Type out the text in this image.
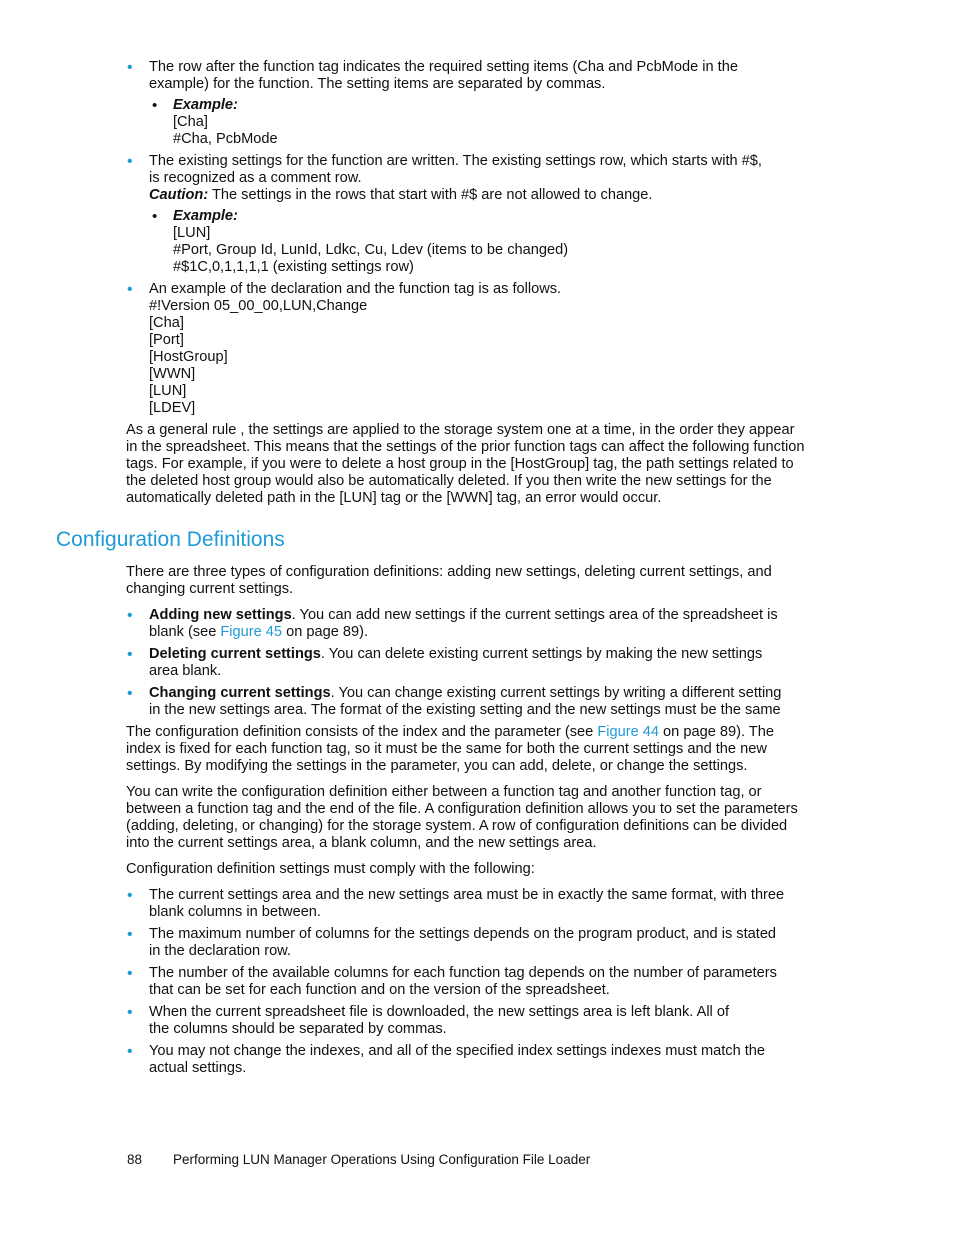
• The row after the function tag indicates the required setting items (Cha and PcbMode in the
example) for the function. The setting items are separated by commas.
• Example:
[Cha]
#Cha, PcbMode
• The existing settings for the function are written. The existing settings row, which starts with #$,
is recognized as a comment row.
Caution: The settings in the rows that start with #$ are not allowed to change.
• Example:
[LUN]
#Port, Group Id, LunId, Ldkc, Cu, Ldev (items to be changed)
#$1C,0,1,1,1,1 (existing settings row)
• An example of the declaration and the function tag is as follows.
#!Version 05_00_00,LUN,Change
[Cha]
[Port]
[HostGroup]
[WWN]
[LUN]
[LDEV]

As a general rule , the settings are applied to the storage system one at a time, in the order they appear
in the spreadsheet. This means that the settings of the prior function tags can affect the following function
tags. For example, if you were to delete a host group in the [HostGroup] tag, the path settings related to
the deleted host group would also be automatically deleted. If you then write the new settings for the
automatically deleted path in the [LUN] tag or the [WWN] tag, an error would occur.

Configuration Definitions

There are three types of configuration definitions: adding new settings, deleting current settings, and
changing current settings.

• Adding new settings. You can add new settings if the current settings area of the spreadsheet is
blank (see Figure 45 on page 89).
• Deleting current settings. You can delete existing current settings by making the new settings
area blank.
• Changing current settings. You can change existing current settings by writing a different setting
in the new settings area. The format of the existing setting and the new settings must be the same

The configuration definition consists of the index and the parameter (see Figure 44 on page 89). The
index is fixed for each function tag, so it must be the same for both the current settings and the new
settings. By modifying the settings in the parameter, you can add, delete, or change the settings.

You can write the configuration definition either between a function tag and another function tag, or
between a function tag and the end of the file. A configuration definition allows you to set the parameters
(adding, deleting, or changing) for the storage system. A row of configuration definitions can be divided
into the current settings area, a blank column, and the new settings area.

Configuration definition settings must comply with the following:

• The current settings area and the new settings area must be in exactly the same format, with three
blank columns in between.
• The maximum number of columns for the settings depends on the program product, and is stated
in the declaration row.
• The number of the available columns for each function tag depends on the number of parameters
that can be set for each function and on the version of the spreadsheet.
• When the current spreadsheet file is downloaded, the new settings area is left blank. All of
the columns should be separated by commas.
• You may not change the indexes, and all of the specified index settings indexes must match the
actual settings.
88 Performing LUN Manager Operations Using Configuration File Loader
